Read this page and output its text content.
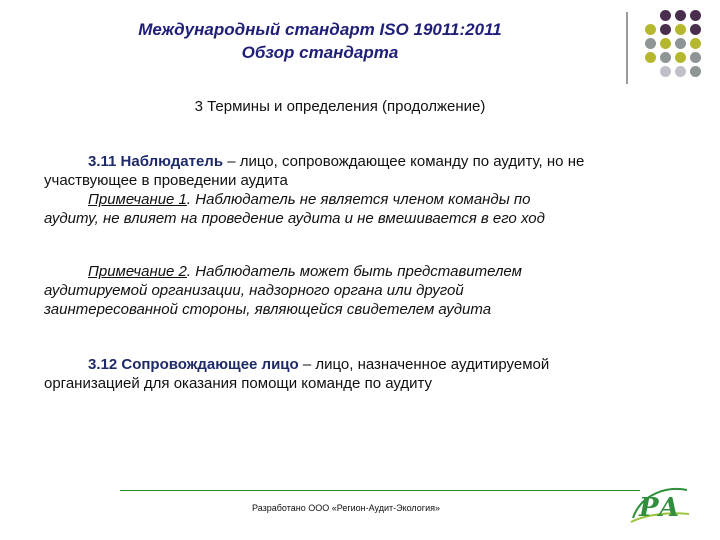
Международный стандарт ISO 19011:2011
Обзор стандарта
3 Термины и определения (продолжение)
3.11 Наблюдатель – лицо, сопровождающее команду по аудиту, но не
участвующее в проведении аудита
Примечание 1. Наблюдатель не является членом команды по
аудиту, не влияет на проведение аудита и не вмешивается в его ход
Примечание 2. Наблюдатель может быть представителем
аудитируемой организации, надзорного органа или другой
заинтересованной стороны, являющейся свидетелем аудита
3.12 Сопровождающее лицо – лицо, назначенное аудитируемой
организацией для оказания помощи команде по аудиту
Разработано ООО «Регион-Аудит-Экология»	РА
